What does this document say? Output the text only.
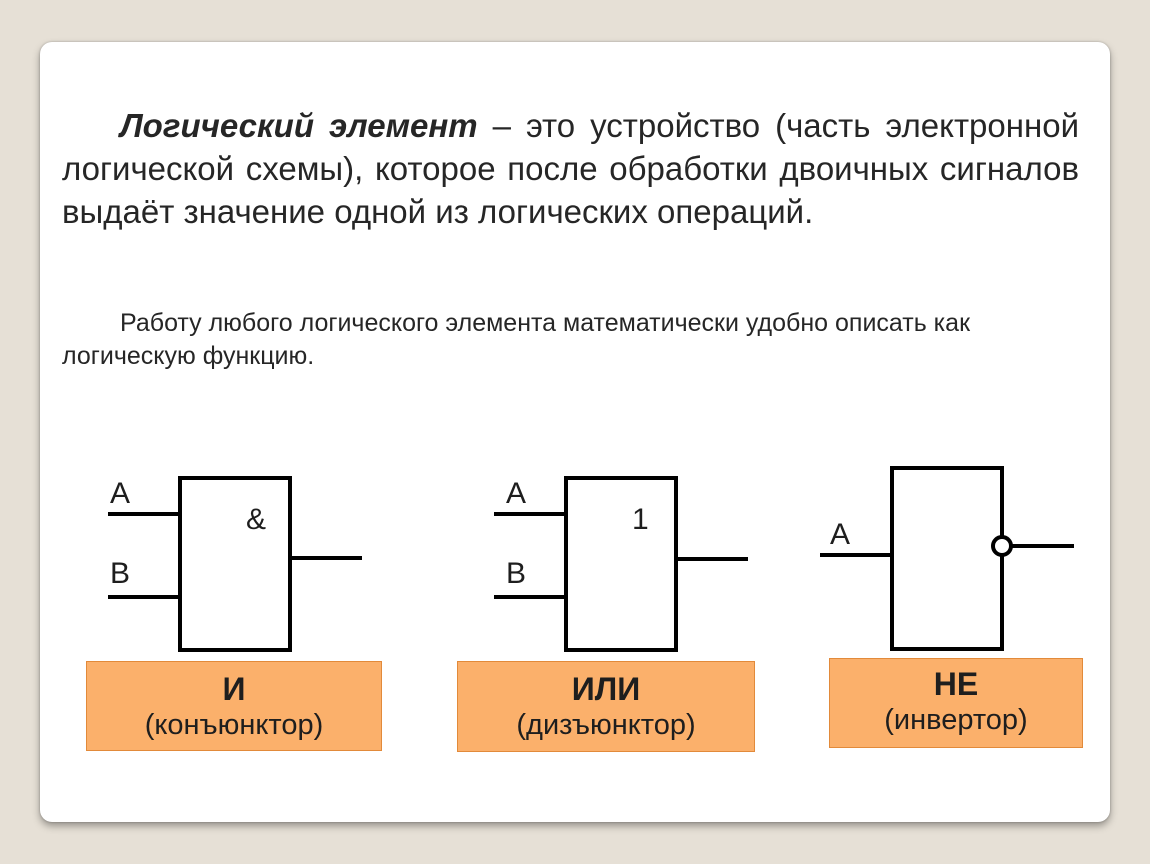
Логический элемент – это устройство (часть электронной логической схемы), которое после обработки двоичных сигналов выдаёт значение одной из логических операций.
Работу любого логического элемента математически удобно описать как логическую функцию.
A
B
&
A
B
1	A
И
(конъюнктор)
ИЛИ
(дизъюнктор)
НЕ
(инвертор)
